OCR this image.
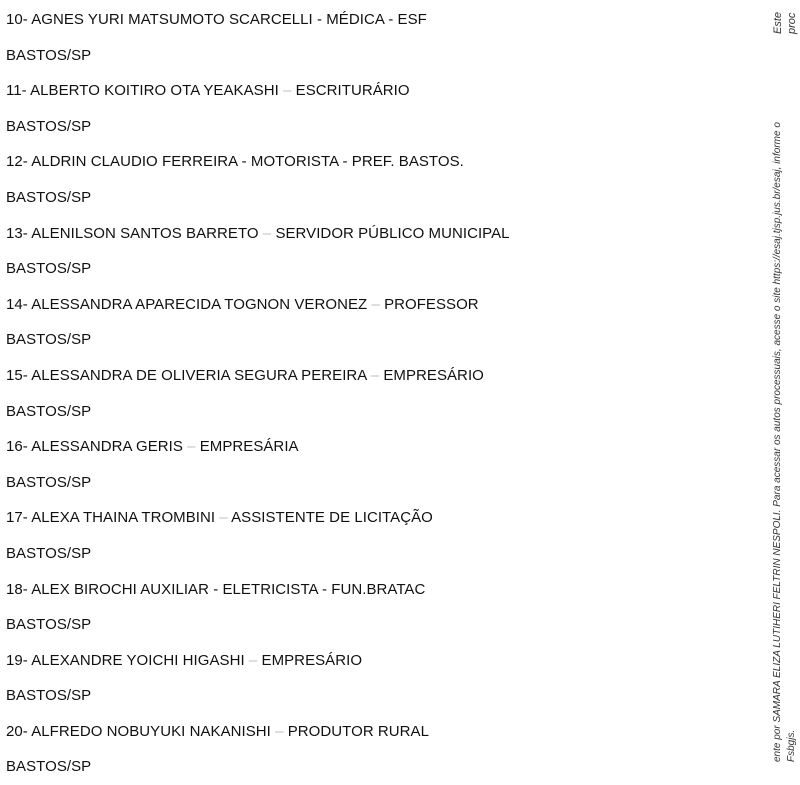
10- AGNES YURI MATSUMOTO SCARCELLI - MÉDICA - ESF
BASTOS/SP
11- ALBERTO KOITIRO OTA YEAKASHI – ESCRITURÁRIO
BASTOS/SP
12- ALDRIN CLAUDIO FERREIRA - MOTORISTA - PREF. BASTOS.
BASTOS/SP
13- ALENILSON SANTOS BARRETO – SERVIDOR PÚBLICO MUNICIPAL
BASTOS/SP
14- ALESSANDRA APARECIDA TOGNON VERONEZ – PROFESSOR
BASTOS/SP
15- ALESSANDRA DE OLIVERIA SEGURA PEREIRA – EMPRESÁRIO
BASTOS/SP
16- ALESSANDRA GERIS – EMPRESÁRIA
BASTOS/SP
17- ALEXA THAINA TROMBINI – ASSISTENTE DE LICITAÇÃO
BASTOS/SP
18- ALEX BIROCHI AUXILIAR - ELETRICISTA - FUN.BRATAC
BASTOS/SP
19- ALEXANDRE YOICHI HIGASHI – EMPRESÁRIO
BASTOS/SP
20- ALFREDO NOBUYUKI NAKANISHI – PRODUTOR RURAL
BASTOS/SP
ente por SAMARA ELIZA LUTIHERI FELTRIN NESPOLI. Para acessar os autos processuais, acesse o site https://esaj.tjsp.jus.br/esaj, informe o Fsbgjs.
Este proc
